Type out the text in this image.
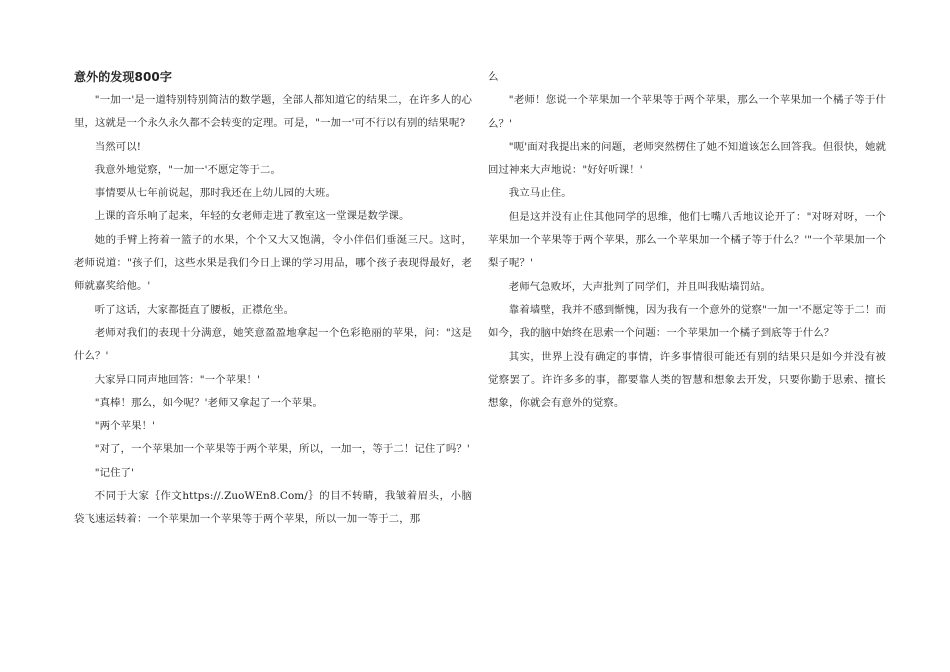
意外的发现800字

"一加一'是一道特别特别简洁的数学题，全部人都知道它的结果二，在许多人的心里，这就是一个永久永久都不会转变的定理。可是，"一加一'可不行以有别的结果呢?

当然可以!

我意外地觉察，"一加一'不愿定等于二。

事情要从七年前说起，那时我还在上幼儿园的大班。

上课的音乐响了起来，年轻的女老师走进了教室这一堂课是数学课。

她的手臂上挎着一篮子的水果，个个又大又饱满，令小伴侣们垂涎三尺。这时，老师说道："孩子们，这些水果是我们今日上课的学习用品，哪个孩子表现得最好，老师就嘉奖给他。'

听了这话，大家都挺直了腰板，正襟危坐。

老师对我们的表现十分满意，她笑意盈盈地拿起一个色彩艳丽的苹果，问："这是什么？'

大家异口同声地回答："一个苹果！'

"真棒！那么，如今呢？'老师又拿起了一个苹果。

"两个苹果！'

"对了，一个苹果加一个苹果等于两个苹果，所以，一加一，等于二！记住了吗？'

"记住了'

不同于大家｛作文https://.ZuoWEn8.Com/｝的目不转睛，我皱着眉头，小脑袋飞速运转着：一个苹果加一个苹果等于两个苹果，所以一加一等于二，那

么

"老师！您说一个苹果加一个苹果等于两个苹果，那么一个苹果加一个橘子等于什么？'

"呃'面对我提出来的问题，老师突然楞住了她不知道该怎么回答我。但很快，她就回过神来大声地说："好好听课！'

我立马止住。

但是这并没有止住其他同学的思维，他们七嘴八舌地议论开了："对呀对呀，一个苹果加一个苹果等于两个苹果，那么一个苹果加一个橘子等于什么？'"一个苹果加一个梨子呢？'

老师气急败坏，大声批判了同学们，并且叫我贴墙罚站。

靠着墙壁，我并不感到惭愧，因为我有一个意外的觉察"一加一'不愿定等于二！而如今，我的脑中始终在思索一个问题：一个苹果加一个橘子到底等于什么？

其实，世界上没有确定的事情，许多事情很可能还有别的结果只是如今并没有被觉察罢了。许许多多的事，都要靠人类的智慧和想象去开发，只要你勤于思索、擅长想象，你就会有意外的觉察。
